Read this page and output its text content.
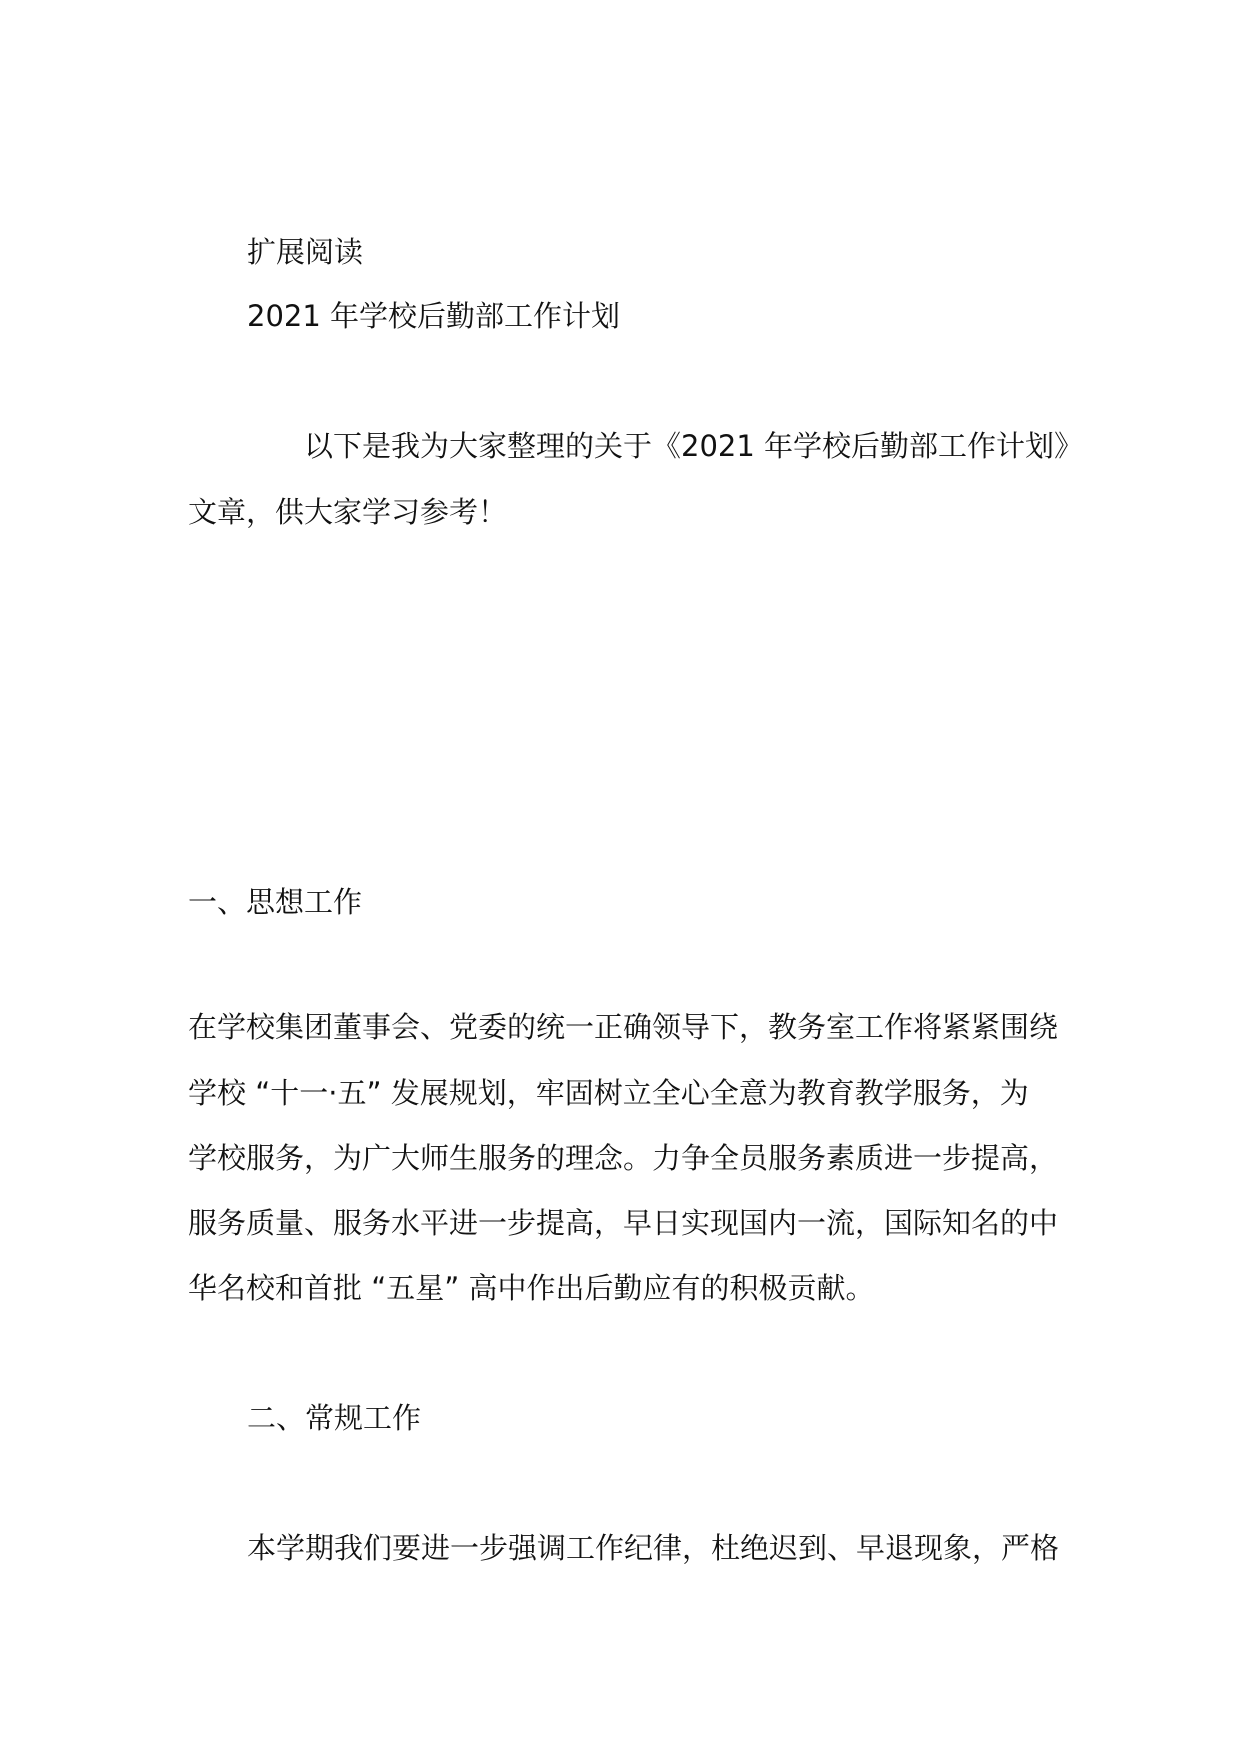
扩展阅读
2021 年学校后勤部工作计划
以下是我为大家整理的关于《2021 年学校后勤部工作计划》
文章，供大家学习参考！
一、思想工作
在学校集团董事会、党委的统一正确领导下，教务室工作将紧紧围绕
学校 “十一·五” 发展规划，牢固树立全心全意为教育教学服务，为
学校服务，为广大师生服务的理念。力争全员服务素质进一步提高，
服务质量、服务水平进一步提高，早日实现国内一流，国际知名的中
华名校和首批 “五星” 高中作出后勤应有的积极贡献。
二、常规工作
本学期我们要进一步强调工作纪律，杜绝迟到、早退现象，严格
